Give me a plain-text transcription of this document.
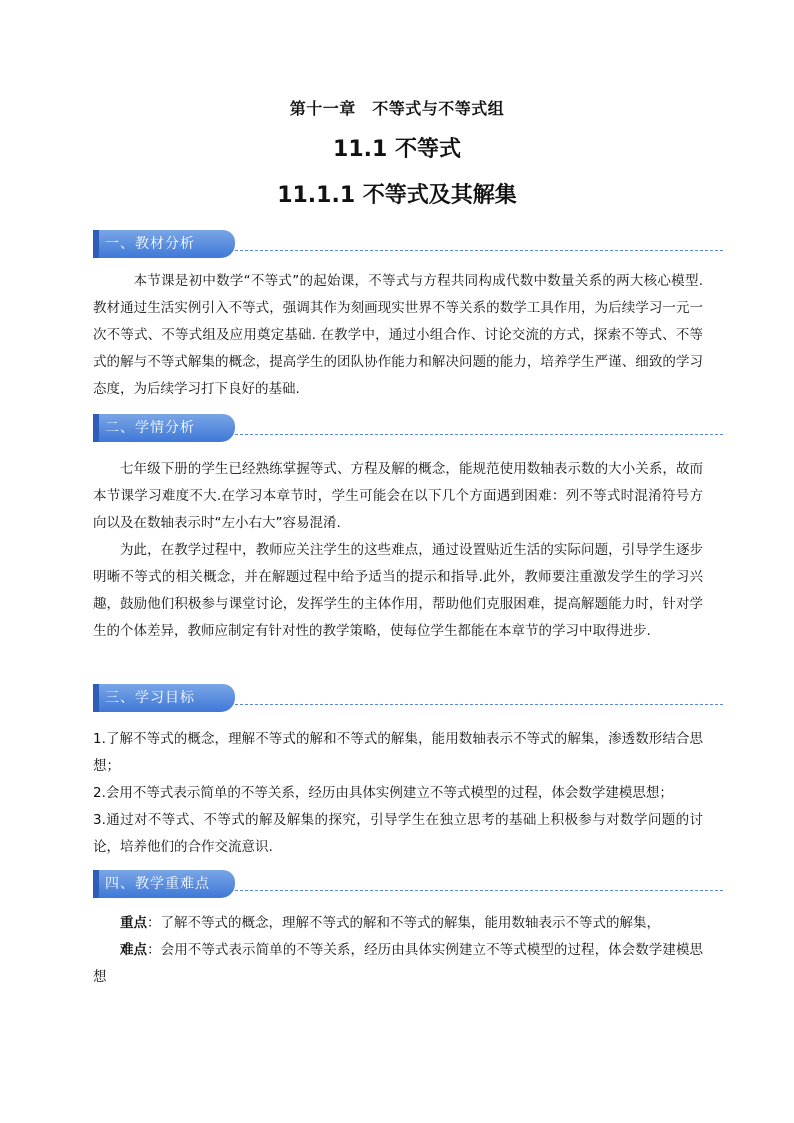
第十一章　不等式与不等式组
11.1 不等式
11.1.1 不等式及其解集
一、教材分析

本节课是初中数学“不等式”的起始课，不等式与方程共同构成代数中数量关系的两大核心模型.教材通过生活实例引入不等式，强调其作为刻画现实世界不等关系的数学工具作用，为后续学习一元一次不等式、不等式组及应用奠定基础. 在教学中，通过小组合作、讨论交流的方式，探索不等式、不等式的解与不等式解集的概念，提高学生的团队协作能力和解决问题的能力，培养学生严谨、细致的学习态度，为后续学习打下良好的基础.

二、学情分析

七年级下册的学生已经熟练掌握等式、方程及解的概念，能规范使用数轴表示数的大小关系，故而本节课学习难度不大.在学习本章节时，学生可能会在以下几个方面遇到困难：列不等式时混淆符号方向以及在数轴表示时“左小右大”容易混淆.

为此，在教学过程中，教师应关注学生的这些难点，通过设置贴近生活的实际问题，引导学生逐步明晰不等式的相关概念，并在解题过程中给予适当的提示和指导.此外，教师要注重激发学生的学习兴趣，鼓励他们积极参与课堂讨论，发挥学生的主体作用，帮助他们克服困难，提高解题能力时，针对学生的个体差异，教师应制定有针对性的教学策略，使每位学生都能在本章节的学习中取得进步.

三、学习目标

1.了解不等式的概念，理解不等式的解和不等式的解集，能用数轴表示不等式的解集，渗透数形结合思想；

2.会用不等式表示简单的不等关系，经历由具体实例建立不等式模型的过程，体会数学建模思想；

3.通过对不等式、不等式的解及解集的探究，引导学生在独立思考的基础上积极参与对数学问题的讨论，培养他们的合作交流意识.

四、教学重难点

重点：了解不等式的概念，理解不等式的解和不等式的解集，能用数轴表示不等式的解集，

难点：会用不等式表示简单的不等关系，经历由具体实例建立不等式模型的过程，体会数学建模思想
